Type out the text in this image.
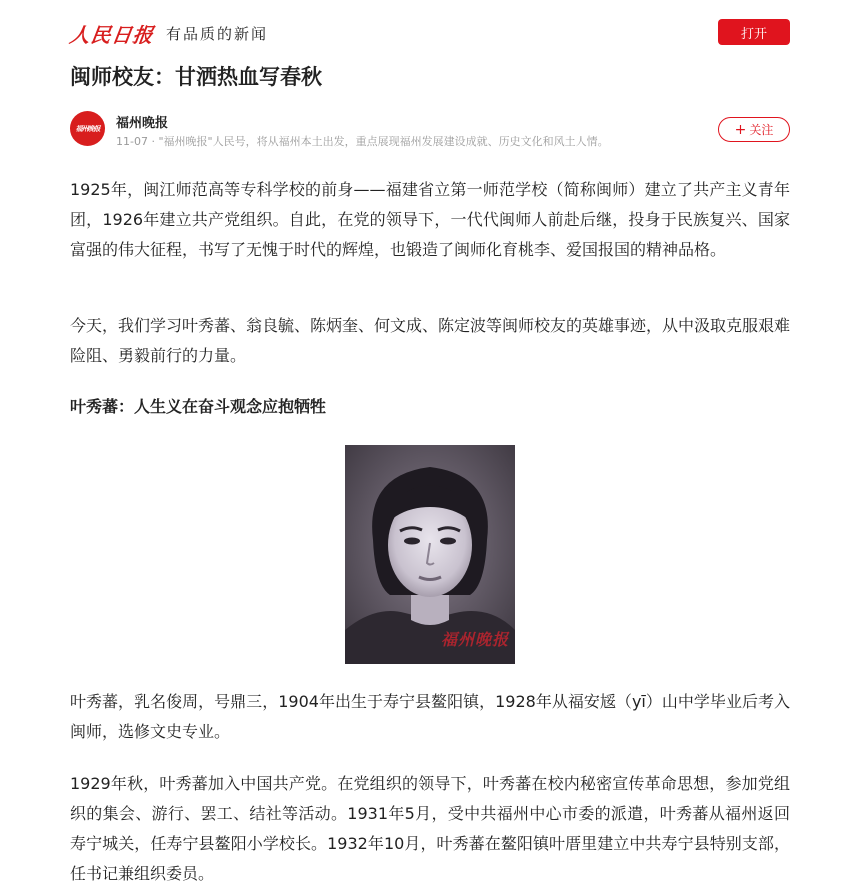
人民日报 有品质的新闻	打开
闽师校友：甘洒热血写春秋
福州晚报	福州晚报
11-07 · "福州晚报"人民号，将从福州本土出发，重点展现福州发展建设成就、历史文化和风土人情。
+ 关注

1925年，闽江师范高等专科学校的前身——福建省立第一师范学校（简称闽师）建立了共产主义青年团，1926年建立共产党组织。自此，在党的领导下，一代代闽师人前赴后继，投身于民族复兴、国家富强的伟大征程，书写了无愧于时代的辉煌，也锻造了闽师化育桃李、爱国报国的精神品格。

今天，我们学习叶秀蕃、翁良毓、陈炳奎、何文成、陈定波等闽师校友的英雄事迹，从中汲取克服艰难险阻、勇毅前行的力量。

叶秀蕃：人生义在奋斗观念应抱牺牲
福州晚报

叶秀蕃，乳名俊周，号鼎三，1904年出生于寿宁县鳌阳镇，1928年从福安㞂（yī）山中学毕业后考入闽师，选修文史专业。

1929年秋，叶秀蕃加入中国共产党。在党组织的领导下，叶秀蕃在校内秘密宣传革命思想，参加党组织的集会、游行、罢工、结社等活动。1931年5月，受中共福州中心市委的派遣，叶秀蕃从福州返回寿宁城关，任寿宁县鳌阳小学校长。1932年10月，叶秀蕃在鳌阳镇叶厝里建立中共寿宁县特别支部，任书记兼组织委员。
